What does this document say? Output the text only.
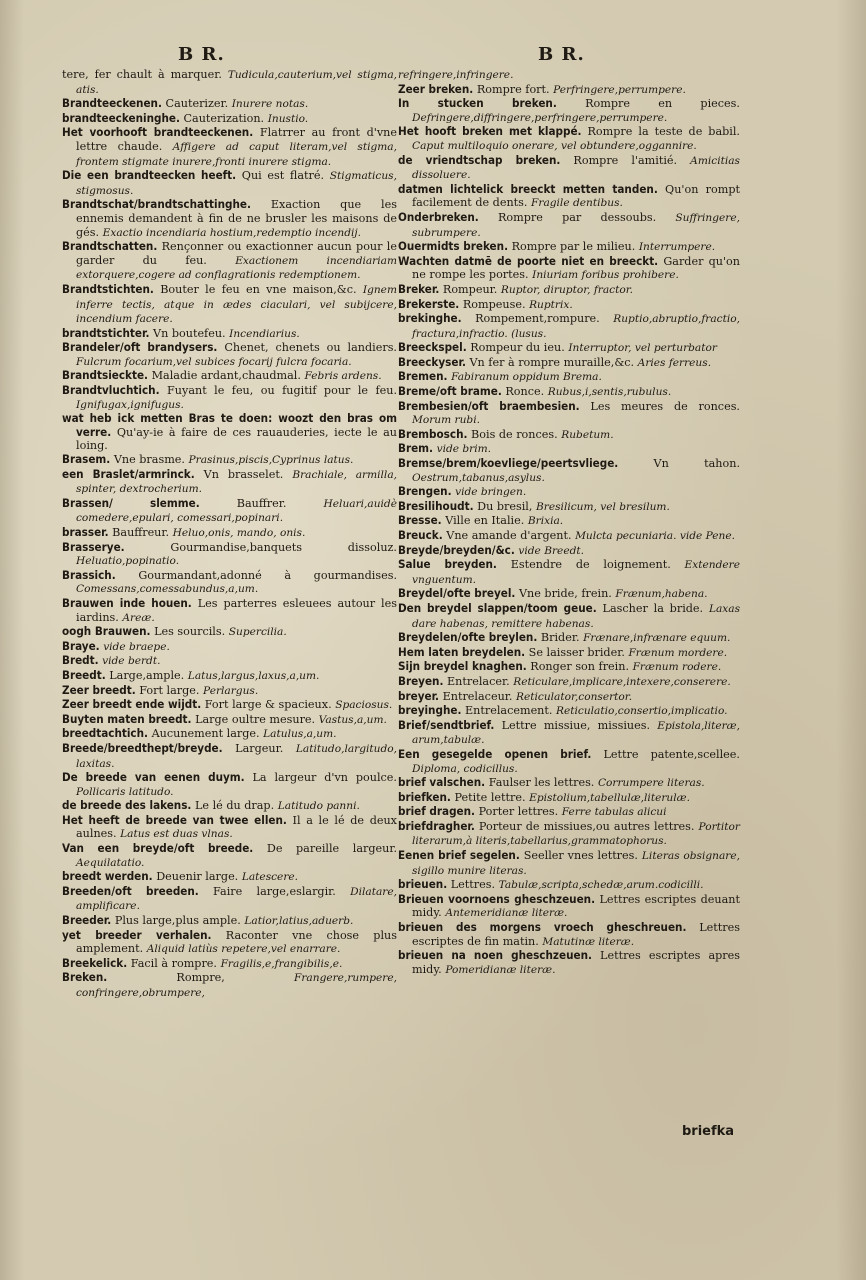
B R.	B R.

tere, fer chault à marquer. Tudicula,cauterium,vel stigma, atis.

Brandteeckenen. Cauterizer. Inurere notas.

brandteeckeninghe. Cauterization. Inustio.

Het voorhooft brandteeckenen. Flatrrer au front d'vne lettre chaude. Affigere ad caput literam,vel stigma, frontem stigmate inurere,fronti inurere stigma.

Die een brandteecken heeft. Qui est flatré. Stigmaticus, stigmosus.

Brandtschat/brandtschattinghe. Exaction que les ennemis demandent à fin de ne brusler les maisons de gés. Exactio incendiaria hostium,redemptio incendij.

Brandtschatten. Rençonner ou exactionner aucun pour le garder du feu.	Exactionem incendiariam extorquere,cogere ad conflagrationis redemptionem.

Brandtstichten. Bouter le feu en vne maison,&c. Ignem inferre tectis, atque in ædes ciaculari, vel subijcere, incendium facere.

brandtstichter. Vn boutefeu. Incendiarius.

Brandeler/oft brandysers. Chenet, chenets ou landiers. Fulcrum focarium,vel subices focarij fulcra focaria.

Brandtsieckte. Maladie ardant,chaudmal. Febris ardens.

Brandtvluchtich. Fuyant le feu, ou fugitif pour le feu. Ignifugax,ignifugus.

wat heb ick metten Bras te doen: woozt den bras om verre. Qu'ay-ie à faire de ces rauauderies, iecte le au loing.

Brasem. Vne brasme. Prasinus,piscis,Cyprinus latus.

een Braslet/armrinck. Vn brasselet. Brachiale, armilla, spinter, dextrocherium.

Brassen/ slemme.	Bauffrer.	Heluari,auidè comedere,epulari, comessari,popinari.

brasser. Bauffreur. Heluo,onis, mando, onis.

Brasserye.	Gourmandise,banquets dissoluz. Heluatio,popinatio.

Brassich. Gourmandant,adonné à gourmandises. Comessans,comessabundus,a,um.

Brauwen inde houen. Les parterres esleuees autour les iardins. Areæ.

oogh Brauwen. Les sourcils. Supercilia.

Braye. vide braepe.

Bredt. vide berdt.

Breedt. Large,ample. Latus,largus,laxus,a,um.

Zeer breedt. Fort large. Perlargus.

Zeer breedt ende wijdt. Fort large & spacieux. Spaciosus.

Buyten maten breedt. Large oultre mesure. Vastus,a,um.

breedtachtich. Aucunement large. Latulus,a,um.

Breede/breedthept/breyde. Largeur. Latitudo,largitudo, laxitas.

De breede van eenen duym. La largeur d'vn poulce. Pollicaris latitudo.

de breede des lakens. Le lé du drap. Latitudo panni.

Het heeft de breede van twee ellen. Il a le lé de deux aulnes. Latus est duas vlnas.

Van een breyde/oft breede. De pareille largeur. Aequilatatio.

breedt werden. Deuenir large. Latescere.

Breeden/oft breeden. Faire large,eslargir. Dilatare, amplificare.

Breeder. Plus large,plus ample. Latior,latius,aduerb.

yet breeder verhalen. Raconter vne chose plus amplement. Aliquid latiùs repetere,vel enarrare.

Breekelick. Facil à rompre. Fragilis,e,frangibilis,e.

Breken.	Rompre,	Frangere,rumpere, confringere,obrumpere,

refringere,infringere.

Zeer breken. Rompre fort. Perfringere,perrumpere.

In stucken breken.	Rompre en pieces. Defringere,diffringere,perfringere,perrumpere.

Het hooft breken met klappé. Rompre la teste de babil. Caput multiloquio onerare, vel obtundere,oggannire.

de vriendtschap breken. Rompre l'amitié. Amicitias dissoluere.

datmen lichtelick breeckt metten tanden. Qu'on rompt facilement de dents. Fragile dentibus.

Onderbreken. Rompre par dessoubs. Suffringere, subrumpere.

Ouermidts breken. Rompre par le milieu. Interrumpere.

Wachten datmē de poorte niet en breeckt. Garder qu'on ne rompe les portes. Iniuriam foribus prohibere.

Breker. Rompeur. Ruptor, diruptor, fractor.

Brekerste. Rompeuse. Ruptrix.

brekinghe. Rompement,rompure. Ruptio,abruptio,fractio, fractura,infractio. (lusus.

Breeckspel. Rompeur du ieu. Interruptor, vel perturbator

Breeckyser. Vn fer à rompre muraille,&c. Aries ferreus.

Bremen. Fabiranum oppidum Brema.

Breme/oft brame. Ronce. Rubus,i,sentis,rubulus.

Brembesien/oft braembesien. Les meures de ronces. Morum rubi.

Brembosch. Bois de ronces. Rubetum.

Brem. vide brim.

Bremse/brem/koevliege/peertsvliege.	Vn tahon. Oestrum,tabanus,asylus.

Brengen. vide bringen.

Bresilihoudt. Du bresil, Bresilicum, vel bresilum.

Bresse. Ville en Italie. Brixia.

Breuck. Vne amande d'argent. Mulcta pecuniaria. vide Pene.

Breyde/breyden/&c. vide Breedt.

Salue breyden. Estendre de loignement. Extendere vnguentum.

Breydel/ofte breyel. Vne bride, frein. Frænum,habena.

Den breydel slappen/toom geue. Lascher la bride. Laxas dare habenas, remittere habenas.

Breydelen/ofte breylen. Brider. Frænare,infrænare equum.

Hem laten breydelen. Se laisser brider. Frænum mordere.

Sijn breydel knaghen. Ronger son frein. Frænum rodere.

Breyen. Entrelacer. Reticulare,implicare,intexere,conserere.

breyer. Entrelaceur. Reticulator,consertor.

breyinghe. Entrelacement. Reticulatio,consertio,implicatio.

Brief/sendtbrief. Lettre missiue, missiues. Epistola,literæ, arum,tabulæ.

Een gesegelde openen brief. Lettre patente,scellee. Diploma, codicillus.

brief valschen. Faulser les lettres. Corrumpere literas.

briefken. Petite lettre. Epistolium,tabellulæ,literulæ.

brief dragen. Porter lettres. Ferre tabulas alicui

briefdragher. Porteur de missiues,ou autres lettres. Portitor literarum,à literis,tabellarius,grammatophorus.

Eenen brief segelen. Seeller vnes lettres. Literas obsignare, sigillo munire literas.

brieuen. Lettres. Tabulæ,scripta,schedæ,arum.codicilli.

Brieuen voornoens gheschzeuen. Lettres escriptes deuant midy. Antemeridianæ literæ.

brieuen des morgens vroech gheschreuen. Lettres escriptes de fin matin. Matutinæ literæ.

brieuen na noen gheschzeuen. Lettres escriptes apres midy. Pomeridianæ literæ.

briefka
